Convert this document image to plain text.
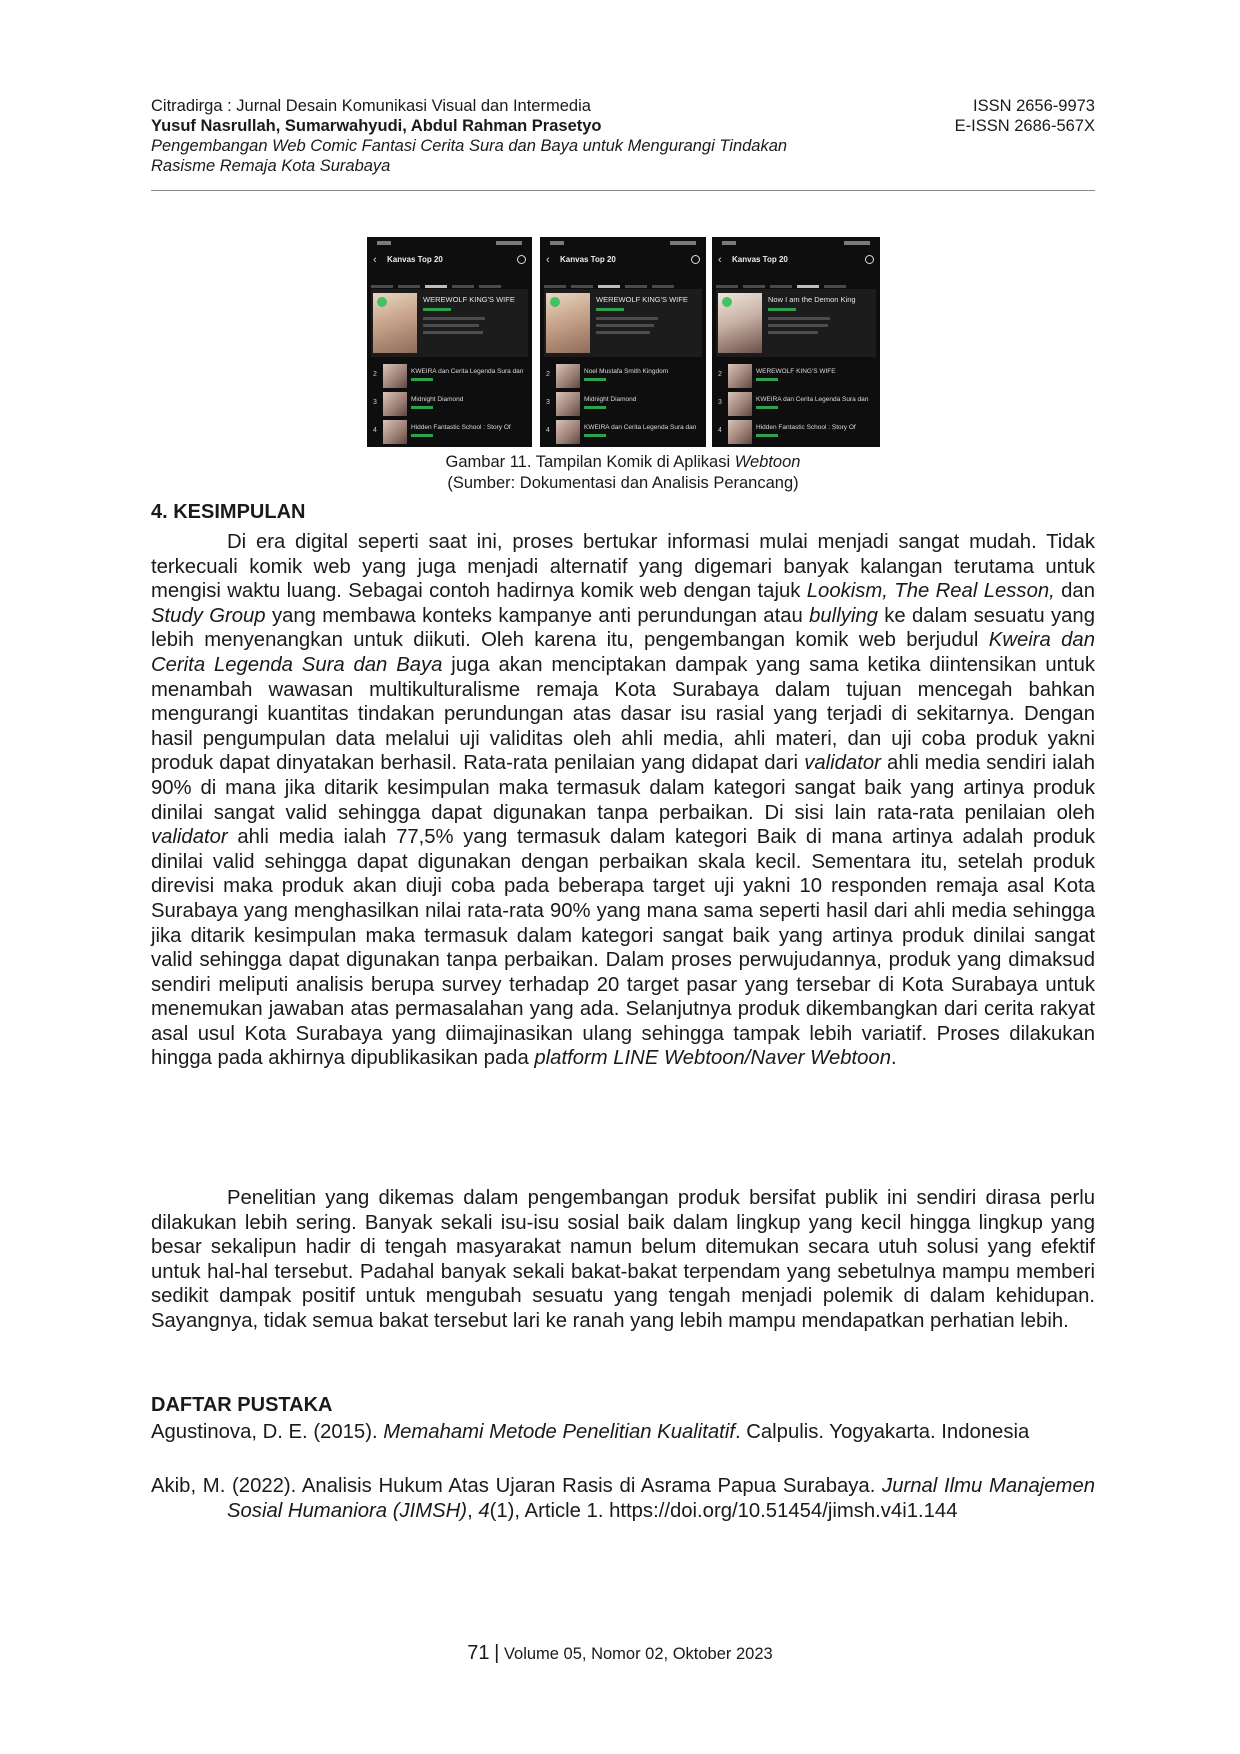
Citradirga : Jurnal Desain Komunikasi Visual dan Intermedia
Yusuf Nasrullah, Sumarwahyudi, Abdul Rahman Prasetyo
Pengembangan Web Comic Fantasi Cerita Sura dan Baya untuk Mengurangi Tindakan
Rasisme Remaja Kota Surabaya
ISSN 2656-9973
E-ISSN 2686-567X
‹ Kanvas Top 20
WEREWOLF KING'S WIFE
2	KWEIRA dan Cerita Legenda Sura dan
3	Midnight Diamond
4	Hidden Fantastic School : Story Of
‹ Kanvas Top 20
WEREWOLF KING'S WIFE
2	Noel Mustafa Smith Kingdom
3	Midnight Diamond
4	KWEIRA dan Cerita Legenda Sura dan
‹ Kanvas Top 20
Now I am the Demon King
2	WEREWOLF KING'S WIFE
3	KWEIRA dan Cerita Legenda Sura dan
4	Hidden Fantastic School : Story Of
Gambar 11. Tampilan Komik di Aplikasi Webtoon
(Sumber: Dokumentasi dan Analisis Perancang)
4. KESIMPULAN

Di era digital seperti saat ini, proses bertukar informasi mulai menjadi sangat mudah. Tidak terkecuali komik web yang juga menjadi alternatif yang digemari banyak kalangan terutama untuk mengisi waktu luang. Sebagai contoh hadirnya komik web dengan tajuk Lookism, The Real Lesson, dan Study Group yang membawa konteks kampanye anti perundungan atau bullying ke dalam sesuatu yang lebih menyenangkan untuk diikuti. Oleh karena itu, pengembangan komik web berjudul Kweira dan Cerita Legenda Sura dan Baya juga akan menciptakan dampak yang sama ketika diintensikan untuk menambah wawasan multikulturalisme remaja Kota Surabaya dalam tujuan mencegah bahkan mengurangi kuantitas tindakan perundungan atas dasar isu rasial yang terjadi di sekitarnya. Dengan hasil pengumpulan data melalui uji validitas oleh ahli media, ahli materi, dan uji coba produk yakni produk dapat dinyatakan berhasil. Rata-rata penilaian yang didapat dari validator ahli media sendiri ialah 90% di mana jika ditarik kesimpulan maka termasuk dalam kategori sangat baik yang artinya produk dinilai sangat valid sehingga dapat digunakan tanpa perbaikan. Di sisi lain rata-rata penilaian oleh validator ahli media ialah 77,5% yang termasuk dalam kategori Baik di mana artinya adalah produk dinilai valid sehingga dapat digunakan dengan perbaikan skala kecil. Sementara itu, setelah produk direvisi maka produk akan diuji coba pada beberapa target uji yakni 10 responden remaja asal Kota Surabaya yang menghasilkan nilai rata-rata 90% yang mana sama seperti hasil dari ahli media sehingga jika ditarik kesimpulan maka termasuk dalam kategori sangat baik yang artinya produk dinilai sangat valid sehingga dapat digunakan tanpa perbaikan. Dalam proses perwujudannya, produk yang dimaksud sendiri meliputi analisis berupa survey terhadap 20 target pasar yang tersebar di Kota Surabaya untuk menemukan jawaban atas permasalahan yang ada. Selanjutnya produk dikembangkan dari cerita rakyat asal usul Kota Surabaya yang diimajinasikan ulang sehingga tampak lebih variatif. Proses dilakukan hingga pada akhirnya dipublikasikan pada platform LINE Webtoon/Naver Webtoon.

Penelitian yang dikemas dalam pengembangan produk bersifat publik ini sendiri dirasa perlu dilakukan lebih sering. Banyak sekali isu-isu sosial baik dalam lingkup yang kecil hingga lingkup yang besar sekalipun hadir di tengah masyarakat namun belum ditemukan secara utuh solusi yang efektif untuk hal-hal tersebut. Padahal banyak sekali bakat-bakat terpendam yang sebetulnya mampu memberi sedikit dampak positif untuk mengubah sesuatu yang tengah menjadi polemik di dalam kehidupan. Sayangnya, tidak semua bakat tersebut lari ke ranah yang lebih mampu mendapatkan perhatian lebih.

DAFTAR PUSTAKA

Agustinova, D. E. (2015). Memahami Metode Penelitian Kualitatif. Calpulis. Yogyakarta. Indonesia

Akib, M. (2022). Analisis Hukum Atas Ujaran Rasis di Asrama Papua Surabaya. Jurnal Ilmu Manajemen Sosial Humaniora (JIMSH), 4(1), Article 1. https://doi.org/10.51454/jimsh.v4i1.144

71 | Volume 05, Nomor 02, Oktober 2023
